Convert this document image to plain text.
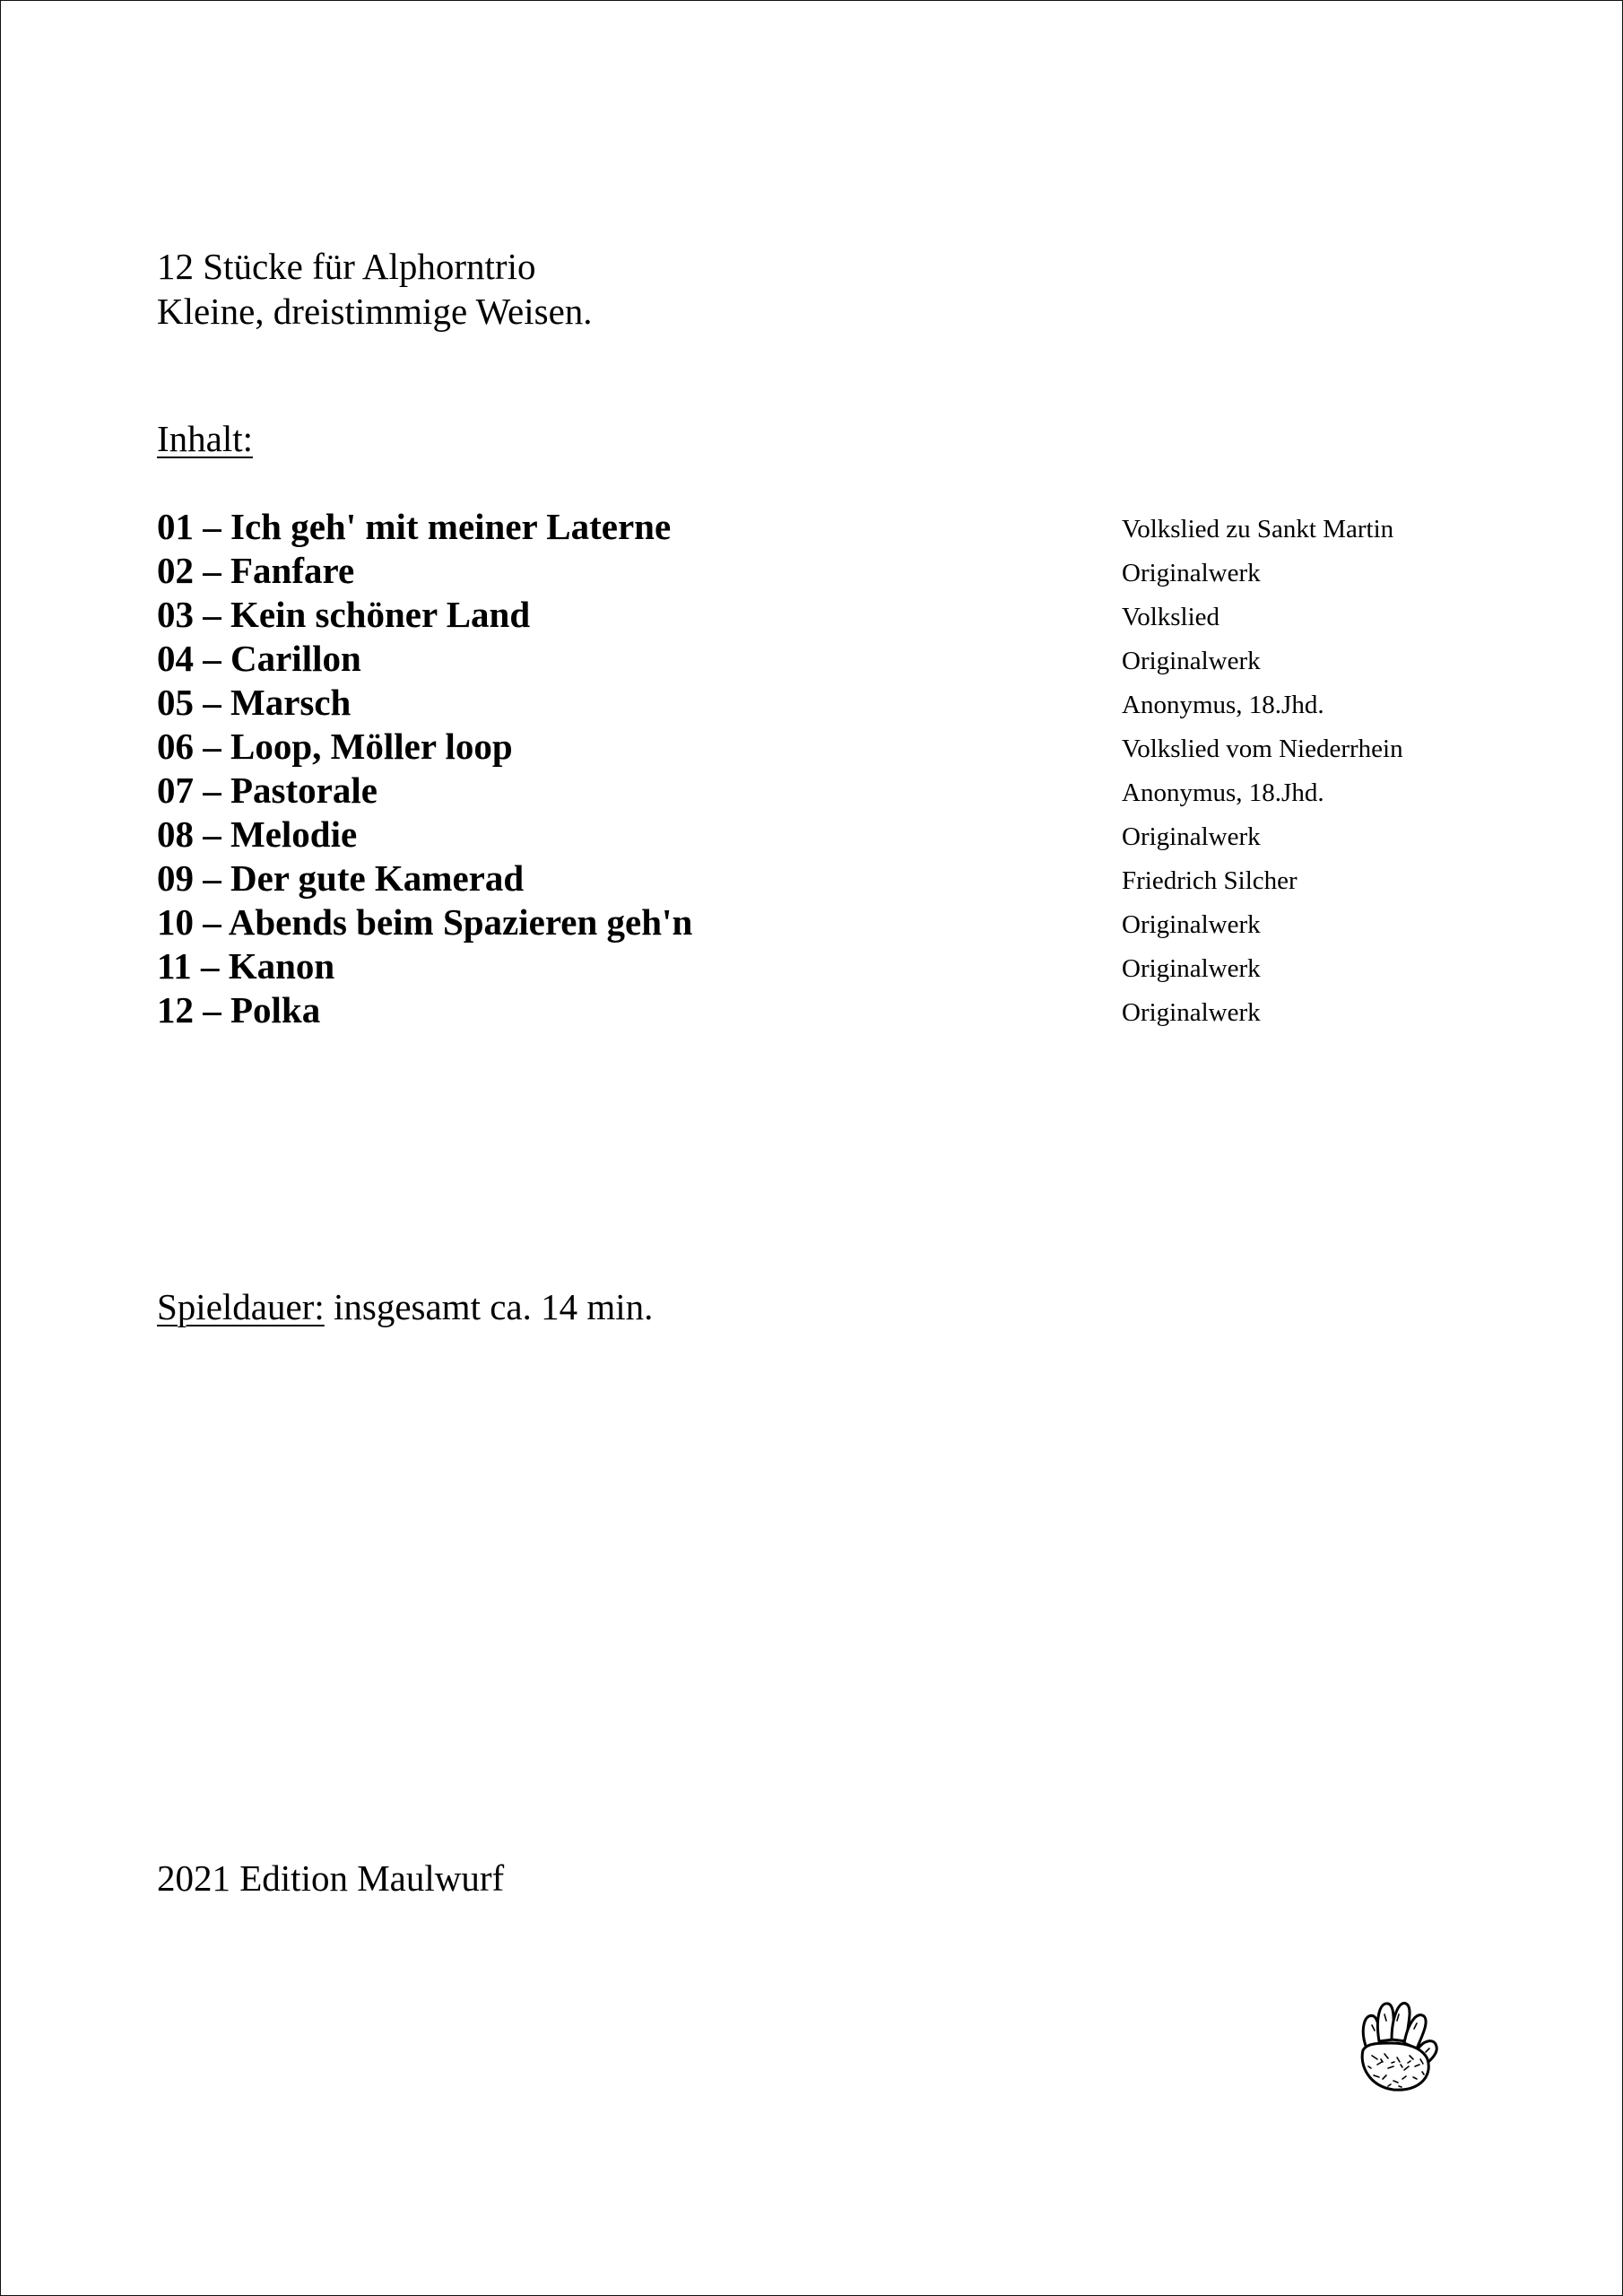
12 Stücke für Alphorntrio
Kleine, dreistimmige Weisen.
Inhalt:
01 – Ich geh' mit meiner Laterne	Volkslied zu Sankt Martin
02 – Fanfare	Originalwerk
03 – Kein schöner Land	Volkslied
04 – Carillon	Originalwerk
05 – Marsch	Anonymus, 18.Jhd.
06 – Loop, Möller loop	Volkslied vom Niederrhein
07 – Pastorale	Anonymus, 18.Jhd.
08 – Melodie	Originalwerk
09 – Der gute Kamerad	Friedrich Silcher
10 – Abends beim Spazieren geh'n	Originalwerk
11 – Kanon	Originalwerk
12 – Polka	Originalwerk
Spieldauer: insgesamt ca. 14 min.
2021 Edition Maulwurf
